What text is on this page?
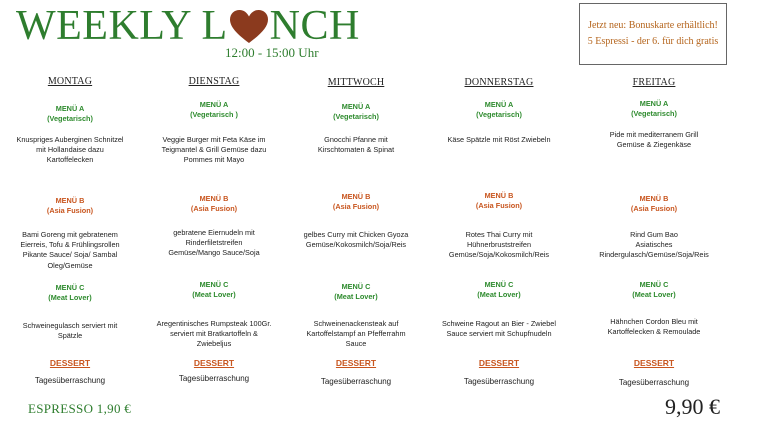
WEEKLY L NCH
12:00 - 15:00 Uhr
Jetzt neu: Bonuskarte erhältlich!
5 Espressi - der 6. für dich gratis
MONTAG
MENÜ A
(Vegetarisch)
Knuspriges Auberginen Schnitzel
mit Hollandaise dazu
Kartoffelecken
MENÜ B
(Asia Fusion)
Bami Goreng mit gebratenem
Eierreis, Tofu & Frühlingsrollen
Pikante Sauce/ Soja/ Sambal
Oleg/Gemüse
MENÜ C
(Meat Lover)
Schweinegulasch serviert mit
Spätzle
DESSERT
Tagesüberraschung
DIENSTAG
MENÜ A
(Vegetarisch )
Veggie Burger mit Feta Käse im
Teigmantel & Grill Gemüse dazu
Pommes mit Mayo
MENÜ B
(Asia Fusion)
gebratene Eiernudeln mit
Rinderfiletstreifen
Gemüse/Mango Sauce/Soja
MENÜ C
(Meat Lover)
Aregentinisches Rumpsteak 100Gr.
serviert mit Bratkartoffeln &
Zwiebeljus
DESSERT
Tagesüberraschung
MITTWOCH
MENÜ A
(Vegetarisch)
Gnocchi Pfanne mit
Kirschtomaten & Spinat
MENÜ B
(Asia Fusion)
gelbes Curry mit Chicken Gyoza
Gemüse/Kokosmilch/Soja/Reis
MENÜ C
(Meat Lover)
Schweinenackensteak auf
Kartoffelstampf an Pfefferrahm
Sauce
DESSERT
Tagesüberraschung
DONNERSTAG
MENÜ A
(Vegetarisch)
Käse Spätzle mit Röst Zwiebeln
MENÜ B
(Asia Fusion)
Rotes Thai Curry mit
Hühnerbruststreifen
Gemüse/Soja/Kokosmilch/Reis
MENÜ C
(Meat Lover)
Schweine Ragout an Bier - Zwiebel
Sauce serviert mit Schupfnudeln
DESSERT
Tagesüberraschung
FREITAG
MENÜ A
(Vegetarisch)
Pide mit mediterranem Grill
Gemüse & Ziegenkäse
MENÜ B
(Asia Fusion)
Rind Gum Bao
Asiatisches
Rindergulasch/Gemüse/Soja/Reis
MENÜ C
(Meat Lover)
Hähnchen Cordon Bleu mit
Kartoffelecken & Remoulade
DESSERT
Tagesüberraschung
ESPRESSO 1,90 €	9,90 €
